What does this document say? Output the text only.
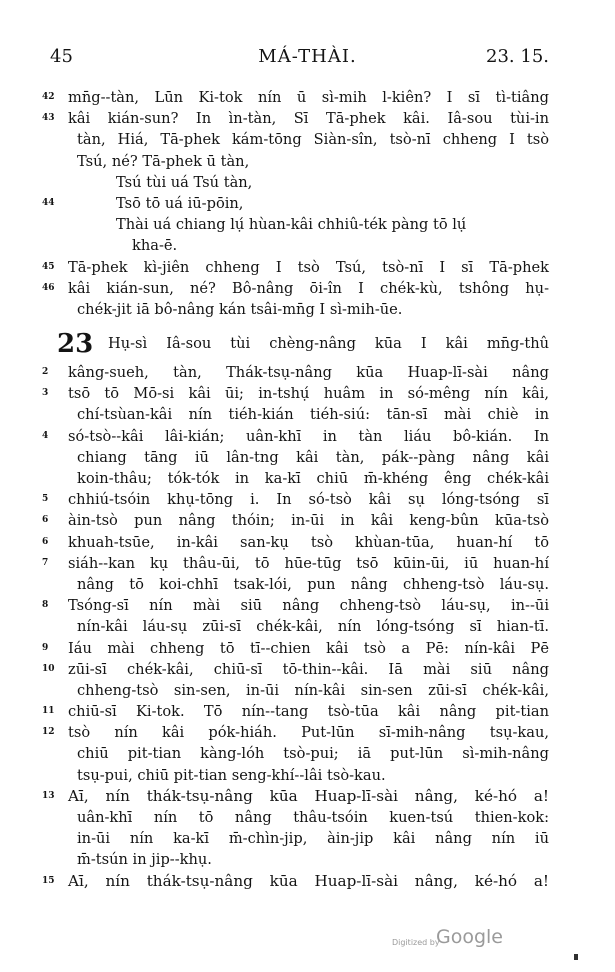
45	MÁ-THÀI.	23. 15.
42 mn̄g--tàn, Lūn Ki-tok nín ū sì-mih l-kiên? I sī tì-tiâng
43 kâi kián-sun? In ìn-tàn, Sī Tā-phek kâi. Iâ-sou tùi-in
tàn, Hiá, Tā-phek kám-tōng Siàn-sîn, tsò-nī chheng I tsò
Tsú, né? Tā-phek ū tàn,
Tsú tùi uá Tsú tàn,
44	Tsō tō uá iū-pōin,
Thài uá chiang lụ́ hùan-kâi chhiû-ték pàng tō lụ́
kha-ē.
45 Tā-phek kì-jiên chheng I tsò Tsú, tsò-nī I sī Tā-phek
46 kâi kián-sun, né? Bô-nâng ōi-în I chék-kù, tshông hụ-
chék-jit iā bô-nâng kán tsâi-mn̄g I sì-mih-ūe.
23 Hụ-sì Iâ-sou tùi chèng-nâng kūa I kâi mn̄g-thû
2	kâng-sueh, tàn, Thák-tsụ-nâng kūa Huap-lī-sài nâng
3	tsō tō Mō-si kâi ūi; in-tshụ́ huâm in só-mêng nín kâi,
chí-tsùan-kâi nín tiéh-kián tiéh-siú: tān-sī mài chiè in
4	só-tsò--kâi lâi-kián; uân-khī in tàn liáu bô-kián. In
chiang tāng iū lân-tng kâi tàn, pák--pàng nâng kâi
koin-thâu; tók-tók in ka-kī chiū m̄-khéng êng chék-kâi
5	chhiú-tsóin khụ-tōng i. In só-tsò kâi sụ lóng-tsóng sī
6	àin-tsò pun nâng thóin; in-ūi in kâi keng-bûn kūa-tsò
6	khuah-tsūe, in-kâi san-kụ tsò khùan-tūa, huan-hí tō
7	siáh--kan kụ thâu-ūi, tō hūe-tūg tsō kūin-ūi, iū huan-hí
nâng tō koi-chhī tsak-lói, pun nâng chheng-tsò láu-sụ.
8	Tsóng-sī nín mài siū nâng chheng-tsò láu-sụ, in--ūi
nín-kâi láu-sụ zūi-sī chék-kâi, nín lóng-tsóng sī hian-tī.
9	Iáu mài chheng tō tī--chien kâi tsò a Pē: nín-kâi Pē
10 zūi-sī chék-kâi, chiū-sī tō-thin--kâi. Iā mài siū nâng
chheng-tsò sin-sen, in-ūi nín-kâi sin-sen zūi-sī chék-kâi,
11 chiū-sī Ki-tok. Tō nín--tang tsò-tūa kâi nâng pit-tian
12 tsò nín kâi pók-hiáh. Put-lūn sī-mih-nâng tsụ-kau,
chiū pit-tian kàng-lóh tsò-pui; iā put-lūn sì-mih-nâng
tsụ-pui, chiū pit-tian seng-khí--lâi tsò-kau.
13 Aī, nín thák-tsụ-nâng kūa Huap-lī-sài nâng, ké-hó a!
uân-khī nín tō nâng thâu-tsóin kuen-tsú thien-kok:
in-ūi nín ka-kī m̄-chìn-jip, àin-jip kâi nâng nín iū
m̄-tsún in jip--khụ.
15 Aī, nín thák-tsụ-nâng kūa Huap-lī-sài nâng, ké-hó a!
Digitized by
Google
